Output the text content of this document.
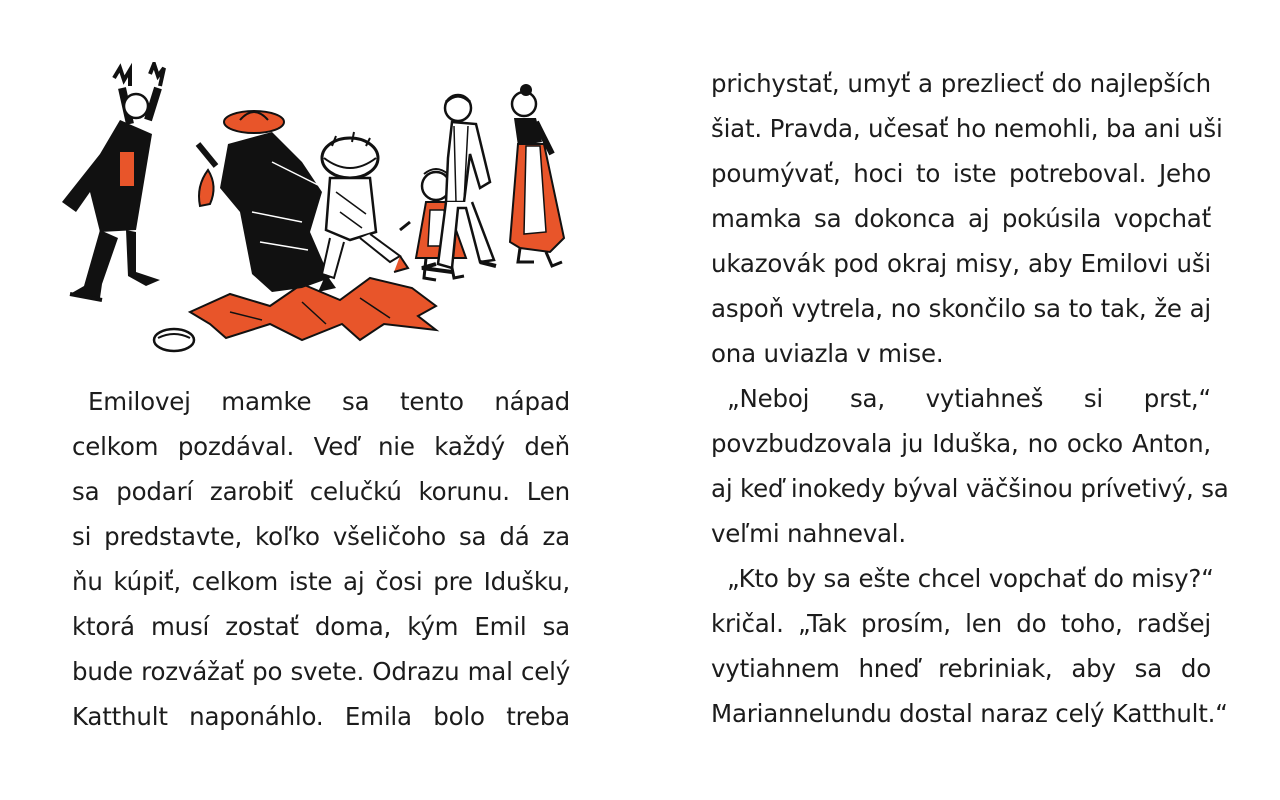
Emilovej mamke sa tento nápad
celkom pozdával. Veď nie každý deň
sa podarí zarobiť celučkú korunu. Len
si predstavte, koľko všeličoho sa dá za
ňu kúpiť, celkom iste aj čosi pre Idušku,
ktorá musí zostať doma, kým Emil sa
bude rozvážať po svete. Odrazu mal celý
Katthult naponáhlo. Emila bolo treba
prichystať, umyť a prezliecť do najlepších
šiat. Pravda, učesať ho nemohli, ba ani uši
poumývať, hoci to iste potreboval. Jeho
mamka sa dokonca aj pokúsila vopchať
ukazovák pod okraj misy, aby Emilovi uši
aspoň vytrela, no skončilo sa to tak, že aj
ona uviazla v mise.
„Neboj sa, vytiahneš si prst,“
povzbudzovala ju Iduška, no ocko Anton,
aj keď inokedy býval väčšinou prívetivý, sa
veľmi nahneval.
„Kto by sa ešte chcel vopchať do misy?“
kričal. „Tak prosím, len do toho, radšej
vytiahnem hneď rebriniak, aby sa do
Mariannelundu dostal naraz celý Katthult.“
